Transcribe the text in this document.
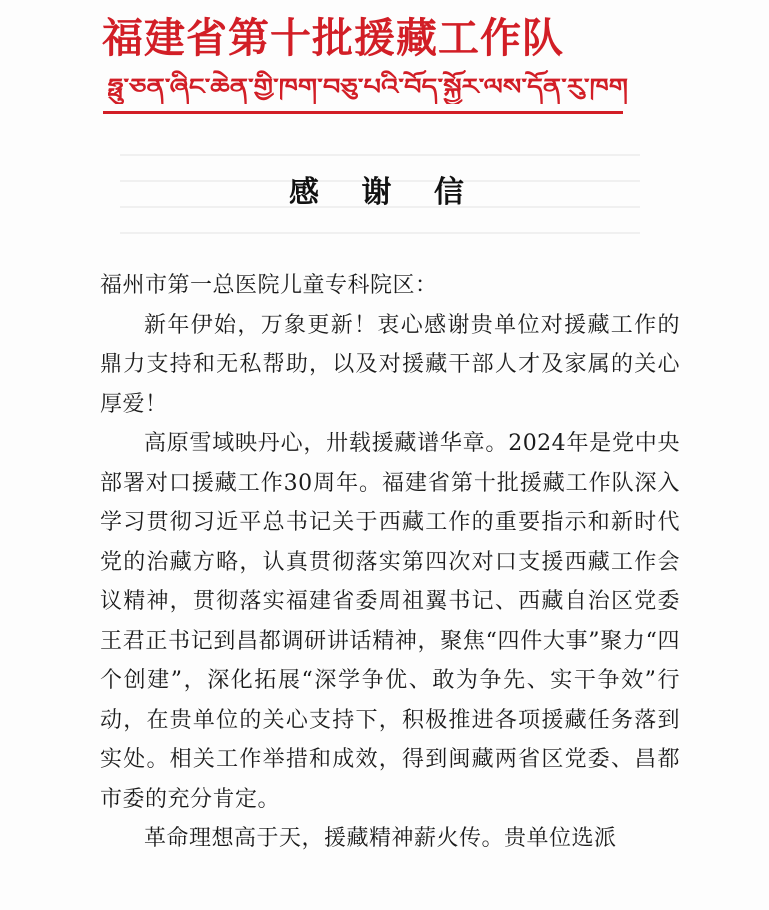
福建省第十批援藏工作队
ཧྥུ་ཅན་ཞིང་ཆེན་གྱི་ཁག་བཅུ་པའི་བོད་སྐྱོར་ལས་དོན་རུ་ཁག
感 谢 信

福州市第一总医院儿童专科院区：

新年伊始，万象更新！衷心感谢贵单位对援藏工作的鼎力支持和无私帮助，以及对援藏干部人才及家属的关心厚爱！

高原雪域映丹心，卅载援藏谱华章。2024年是党中央部署对口援藏工作30周年。福建省第十批援藏工作队深入学习贯彻习近平总书记关于西藏工作的重要指示和新时代党的治藏方略，认真贯彻落实第四次对口支援西藏工作会议精神，贯彻落实福建省委周祖翼书记、西藏自治区党委王君正书记到昌都调研讲话精神，聚焦“四件大事”聚力“四个创建”，深化拓展“深学争优、敢为争先、实干争效”行动，在贵单位的关心支持下，积极推进各项援藏任务落到实处。相关工作举措和成效，得到闽藏两省区党委、昌都市委的充分肯定。

革命理想高于天，援藏精神薪火传。贵单位选派
